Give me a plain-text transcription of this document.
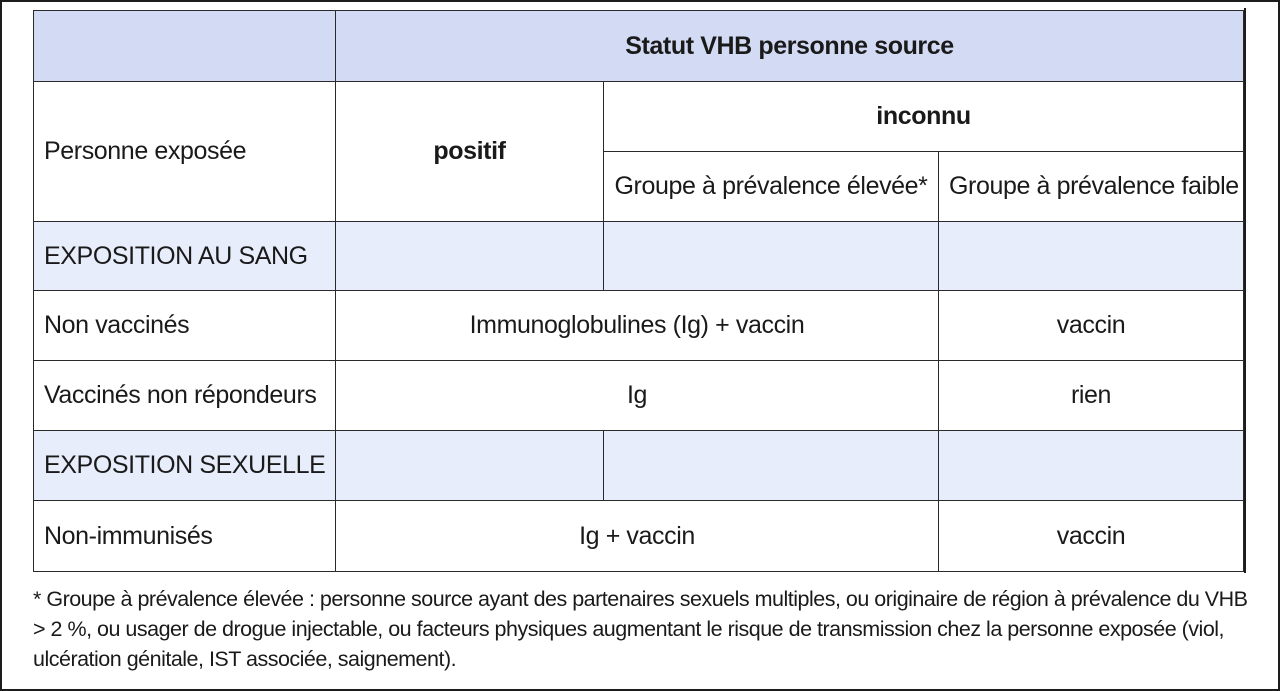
	Statut VHB personne source		
Personne exposée	positif	inconnu	
		Groupe à prévalence élevée*	Groupe à prévalence faible
EXPOSITION AU SANG			
Non vaccinés	Immunoglobulines (Ig) + vaccin		vaccin
Vaccinés non répondeurs	Ig		rien
EXPOSITION SEXUELLE			
Non-immunisés	Ig + vaccin		vaccin
* Groupe à prévalence élevée : personne source ayant des partenaires sexuels multiples, ou originaire de région à prévalence du VHB
> 2 %, ou usager de drogue injectable, ou facteurs physiques augmentant le risque de transmission chez la personne exposée (viol,
ulcération génitale, IST associée, saignement).
